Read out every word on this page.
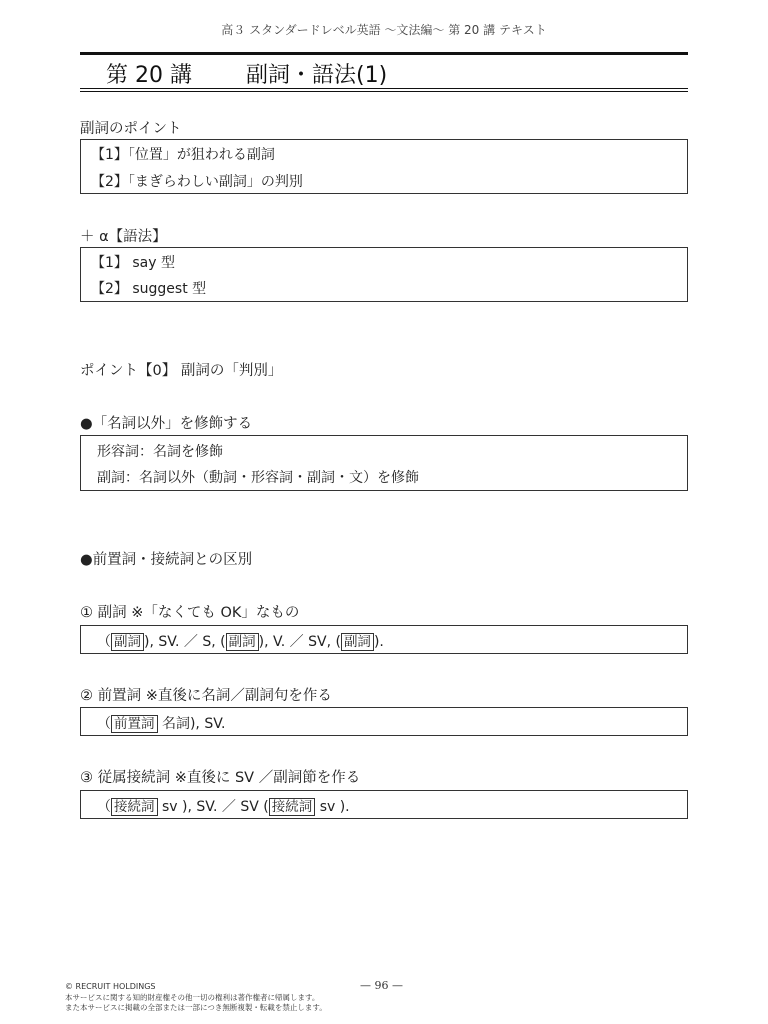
高３ スタンダードレベル英語 〜文法編〜 第 20 講 テキスト
第 20 講 副詞・語法(1)
副詞のポイント
【1】「位置」が狙われる副詞
【2】「まぎらわしい副詞」の判別
＋ α【語法】
【1】 say 型
【2】 suggest 型
ポイント【0】 副詞の「判別」
●「名詞以外」を修飾する
形容詞：名詞を修飾
副詞：名詞以外（動詞・形容詞・副詞・文）を修飾
●前置詞・接続詞との区別
① 副詞 ※「なくても OK」なもの
（ 副詞 ), SV. ／ S, ( 副詞 ), V. ／ SV, ( 副詞 ).
② 前置詞 ※直後に名詞／副詞句を作る
（ 前置詞 名詞), SV.
③ 従属接続詞 ※直後に SV ／副詞節を作る
（ 接続詞 sv ), SV. ／ SV ( 接続詞 sv ).
© RECRUIT HOLDINGS	— 96 —
本サービスに関する知的財産権その他一切の権利は著作権者に帰属します。
また本サービスに掲載の全部または一部につき無断複製・転載を禁止します。
